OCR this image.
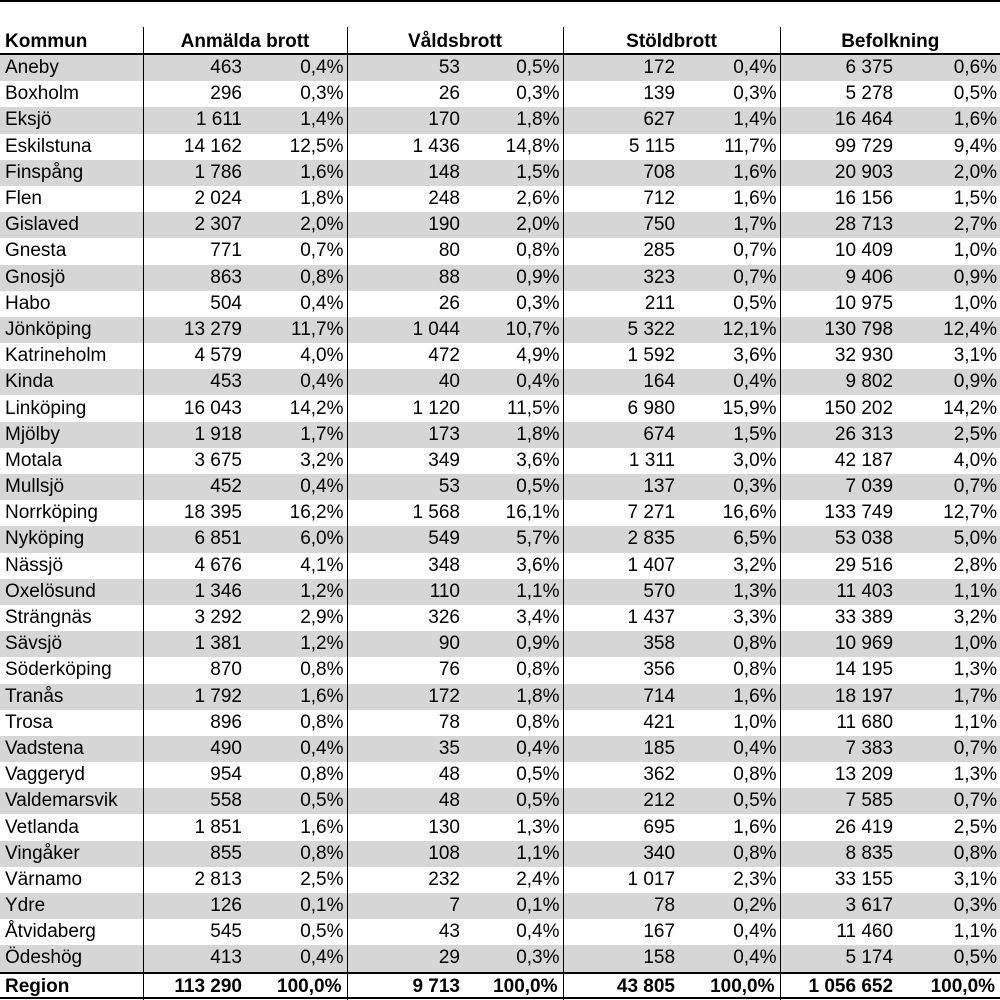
Kommun	Anmälda brott		Våldsbrott		Stöldbrott		Befolkning	
Aneby	463	0,4%	53	0,5%	172	0,4%	6 375	0,6%
Boxholm	296	0,3%	26	0,3%	139	0,3%	5 278	0,5%
Eksjö	1 611	1,4%	170	1,8%	627	1,4%	16 464	1,6%
Eskilstuna	14 162	12,5%	1 436	14,8%	5 115	11,7%	99 729	9,4%
Finspång	1 786	1,6%	148	1,5%	708	1,6%	20 903	2,0%
Flen	2 024	1,8%	248	2,6%	712	1,6%	16 156	1,5%
Gislaved	2 307	2,0%	190	2,0%	750	1,7%	28 713	2,7%
Gnesta	771	0,7%	80	0,8%	285	0,7%	10 409	1,0%
Gnosjö	863	0,8%	88	0,9%	323	0,7%	9 406	0,9%
Habo	504	0,4%	26	0,3%	211	0,5%	10 975	1,0%
Jönköping	13 279	11,7%	1 044	10,7%	5 322	12,1%	130 798	12,4%
Katrineholm	4 579	4,0%	472	4,9%	1 592	3,6%	32 930	3,1%
Kinda	453	0,4%	40	0,4%	164	0,4%	9 802	0,9%
Linköping	16 043	14,2%	1 120	11,5%	6 980	15,9%	150 202	14,2%
Mjölby	1 918	1,7%	173	1,8%	674	1,5%	26 313	2,5%
Motala	3 675	3,2%	349	3,6%	1 311	3,0%	42 187	4,0%
Mullsjö	452	0,4%	53	0,5%	137	0,3%	7 039	0,7%
Norrköping	18 395	16,2%	1 568	16,1%	7 271	16,6%	133 749	12,7%
Nyköping	6 851	6,0%	549	5,7%	2 835	6,5%	53 038	5,0%
Nässjö	4 676	4,1%	348	3,6%	1 407	3,2%	29 516	2,8%
Oxelösund	1 346	1,2%	110	1,1%	570	1,3%	11 403	1,1%
Strängnäs	3 292	2,9%	326	3,4%	1 437	3,3%	33 389	3,2%
Sävsjö	1 381	1,2%	90	0,9%	358	0,8%	10 969	1,0%
Söderköping	870	0,8%	76	0,8%	356	0,8%	14 195	1,3%
Tranås	1 792	1,6%	172	1,8%	714	1,6%	18 197	1,7%
Trosa	896	0,8%	78	0,8%	421	1,0%	11 680	1,1%
Vadstena	490	0,4%	35	0,4%	185	0,4%	7 383	0,7%
Vaggeryd	954	0,8%	48	0,5%	362	0,8%	13 209	1,3%
Valdemarsvik	558	0,5%	48	0,5%	212	0,5%	7 585	0,7%
Vetlanda	1 851	1,6%	130	1,3%	695	1,6%	26 419	2,5%
Vingåker	855	0,8%	108	1,1%	340	0,8%	8 835	0,8%
Värnamo	2 813	2,5%	232	2,4%	1 017	2,3%	33 155	3,1%
Ydre	126	0,1%	7	0,1%	78	0,2%	3 617	0,3%
Åtvidaberg	545	0,5%	43	0,4%	167	0,4%	11 460	1,1%
Ödeshög	413	0,4%	29	0,3%	158	0,4%	5 174	0,5%
Region	113 290	100,0%	9 713	100,0%	43 805	100,0%	1 056 652	100,0%
